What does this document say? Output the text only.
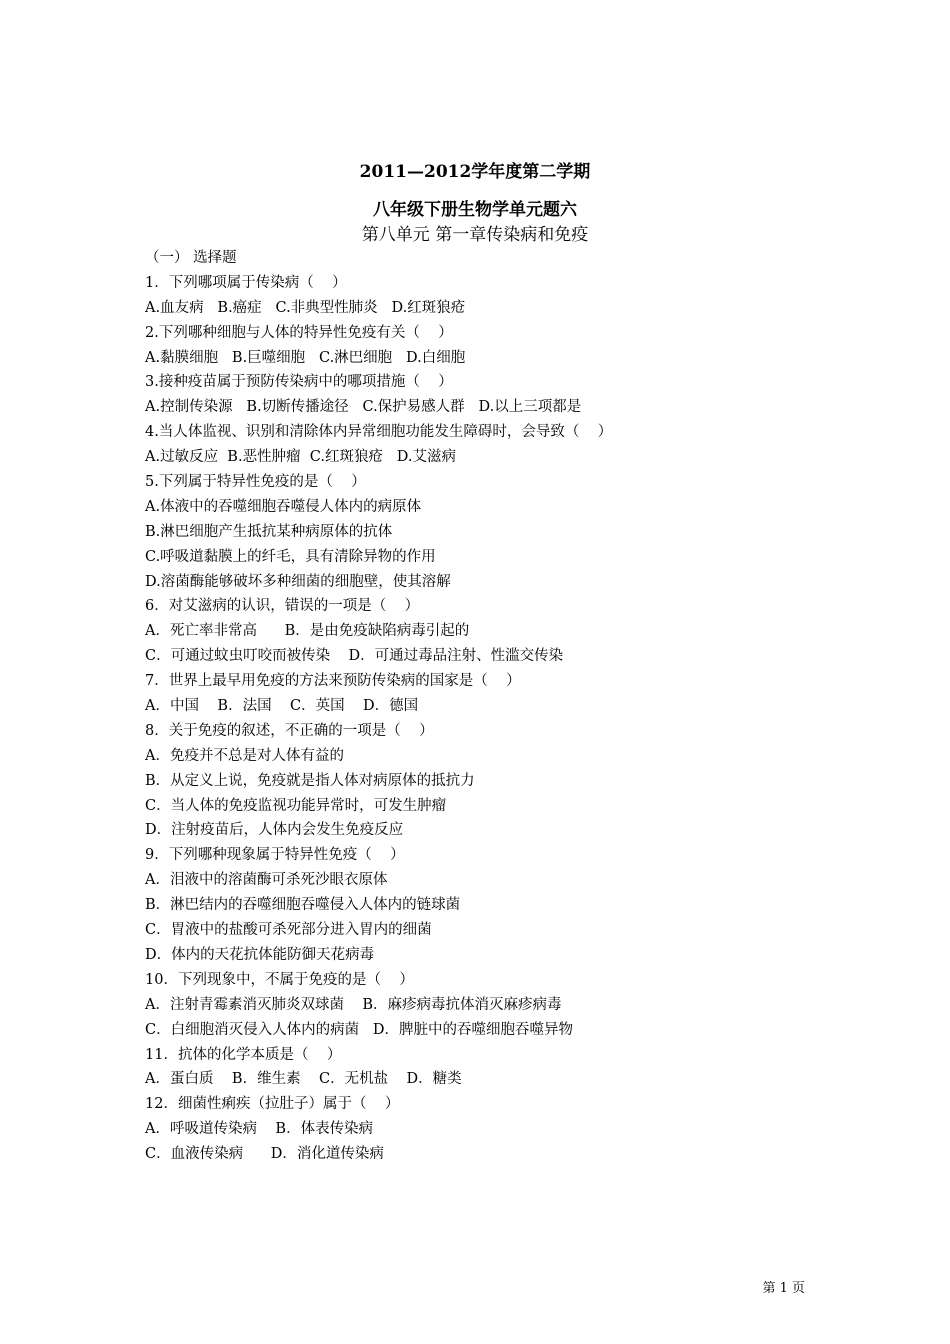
2011—2012学年度第二学期
八年级下册生物学单元题六
第八单元 第一章传染病和免疫
（一） 选择题
1．下列哪项属于传染病（    ）
A.血友病   B.癌症   C.非典型性肺炎   D.红斑狼疮
2.下列哪种细胞与人体的特异性免疫有关（    ）
A.黏膜细胞   B.巨噬细胞   C.淋巴细胞   D.白细胞
3.接种疫苗属于预防传染病中的哪项措施（    ）
A.控制传染源   B.切断传播途径   C.保护易感人群   D.以上三项都是
4.当人体监视、识别和清除体内异常细胞功能发生障碍时，会导致（    ）
A.过敏反应  B.恶性肿瘤  C.红斑狼疮   D.艾滋病
5.下列属于特异性免疫的是（    ）
A.体液中的吞噬细胞吞噬侵人体内的病原体
B.淋巴细胞产生抵抗某种病原体的抗体
C.呼吸道黏膜上的纤毛，具有清除异物的作用
D.溶菌酶能够破坏多种细菌的细胞壁，使其溶解
6．对艾滋病的认识，错误的一项是（    ）
A．死亡率非常高      B．是由免疫缺陷病毒引起的
C．可通过蚊虫叮咬而被传染    D．可通过毒品注射、性滥交传染
7．世界上最早用免疫的方法来预防传染病的国家是（    ）
A．中国    B．法国    C．英国    D．德国
8．关于免疫的叙述，不正确的一项是（    ）
A．免疫并不总是对人体有益的
B．从定义上说，免疫就是指人体对病原体的抵抗力
C．当人体的免疫监视功能异常时，可发生肿瘤
D．注射疫苗后，人体内会发生免疫反应
9．下列哪种现象属于特异性免疫（    ）
A．泪液中的溶菌酶可杀死沙眼衣原体
B．淋巴结内的吞噬细胞吞噬侵入人体内的链球菌
C．胃液中的盐酸可杀死部分进入胃内的细菌
D．体内的天花抗体能防御天花病毒
10．下列现象中，不属于免疫的是（    ）
A．注射青霉素消灭肺炎双球菌    B．麻疹病毒抗体消灭麻疹病毒
C．白细胞消灭侵入人体内的病菌   D．脾脏中的吞噬细胞吞噬异物
11．抗体的化学本质是（    ）
A．蛋白质    B．维生素    C．无机盐    D．糖类
12．细菌性痢疾（拉肚子）属于（    ）
A．呼吸道传染病    B．体表传染病
C．血液传染病      D．消化道传染病
第 1 页
